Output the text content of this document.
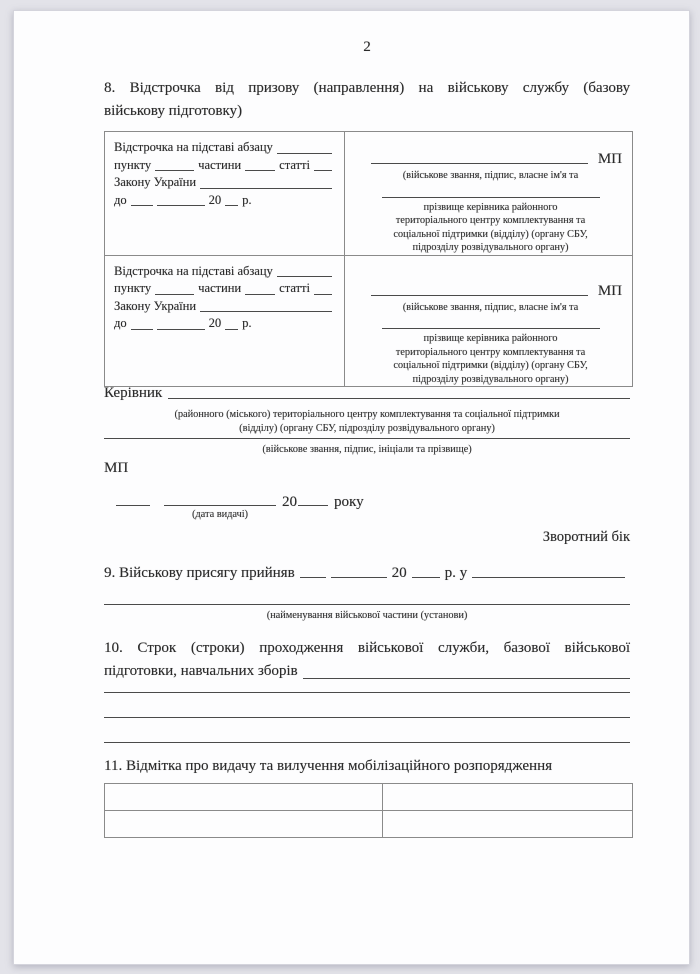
2
8. Відстрочка від призову (направлення) на військову службу (базову
військову підготовку)
Відстрочка на підставі абзацу
пункту	частини	статті
Закону України
до	20 р.

МП
(військове звання, підпис, власне ім'я та
прізвище керівника районного
територіального центру комплектування та
соціальної підтримки (відділу) (органу СБУ,
підрозділу розвідувального органу)

Відстрочка на підставі абзацу
пункту	частини	статті
Закону України
до	20 р.

МП
(військове звання, підпис, власне ім'я та
прізвище керівника районного
територіального центру комплектування та
соціальної підтримки (відділу) (органу СБУ,
підрозділу розвідувального органу)
Керівник
(районного (міського) територіального центру комплектування та соціальної підтримки
(відділу) (органу СБУ, підрозділу розвідувального органу)
(військове звання, підпис, ініціали та прізвище)
МП
(дата видачі)
20 року
Зворотний бік
9. Військову присягу прийняв	20	р. у
(найменування військової частини (установи)
10. Строк (строки) проходження військової служби, базової військової
підготовки, навчальних зборів
11. Відмітка про видачу та вилучення мобілізаційного розпорядження
